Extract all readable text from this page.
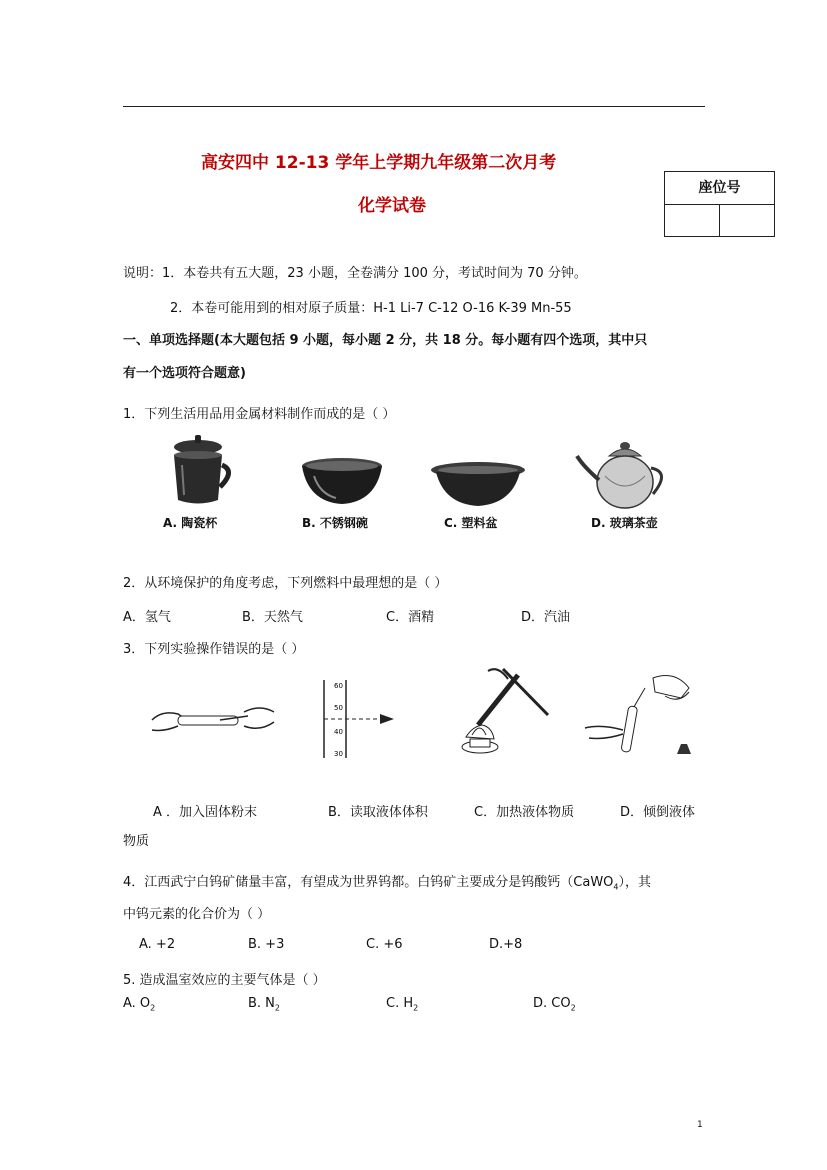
高安四中 12-13 学年上学期九年级第二次月考
化学试卷
座位号
说明：1．本卷共有五大题，23 小题，全卷满分 100 分，考试时间为 70 分钟。
2．本卷可能用到的相对原子质量：H-1 Li-7 C-12 O-16 K-39 Mn-55
一、单项选择题(本大题包括 9 小题，每小题 2 分，共 18 分。每小题有四个选项，其中只
有一个选项符合题意)
1．下列生活用品用金属材料制作而成的是（ ）
A. 陶瓷杯	B. 不锈钢碗	C. 塑料盆	D. 玻璃茶壶
2．从环境保护的角度考虑，下列燃料中最理想的是（ ）
A．氢气	B．天然气	C．酒精	D．汽油
3．下列实验操作错误的是（ ）
60
50
40
30
A ．加入固体粉末	B．读取液体体积	C．加热液体物质	D．倾倒液体
物质
4．江西武宁白钨矿储量丰富，有望成为世界钨都。白钨矿主要成分是钨酸钙（CaWO$_4$），其
中钨元素的化合价为（ ）
A. +2	B. +3	C. +6	D.+8
5. 造成温室效应的主要气体是（ ）
A. $O_2$	B. $N_2$	C. $H_2$	D. $CO_2$
1
